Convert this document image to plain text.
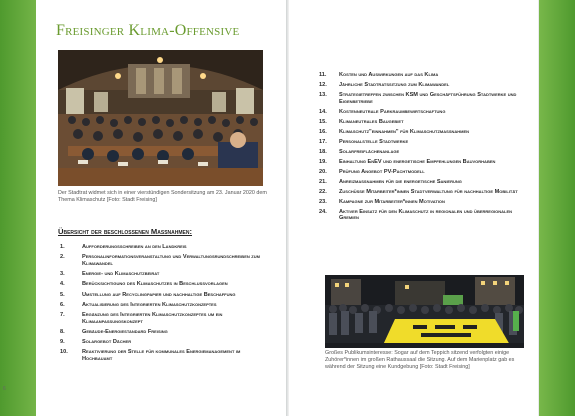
Freisinger Klima-Offensive
Der Stadtrat widmet sich in einer vierstündigen Sondersitzung am 23. Januar 2020 dem Thema Klimaschutz [Foto: Stadt Freising]
Übersicht der beschlossenen Maßnahmen:
1.	Aufforderungsschreiben an den Landkreis
2.	Personalinformationsveranstaltung und Verwaltungsrundschreiben zum Klimawandel
3.	Energie- und Klimaschutzbeirat
4.	Berücksichtigung des Klimaschutzes in Beschlussvorlagen
5.	Umstellung auf Recyclingpapier und nachhaltige Beschaffung
6.	Aktualisierung des Integrierten Klimaschutzkonzeptes
7.	Ergänzung des Integrierten Klimaschutzkonzeptes um ein Klimaanpassungskonzept
8.	Gebäude-Energiestandard Freising
9.	Solargebot Dächer
10.	Reaktivierung der Stelle für kommunales Energiemanagement im Hochbauamt
11. Kosten und Auswirkungen auf das Klima
12. Jährliche Stadtratssitzung zum Klimawandel
13. Strategietreffen zwischen KSM und Geschäftsführung Stadtwerke und Eigenbetriebe
14. Kostenneutrale Parkraumbewirtschaftung
15. Klimaneutrales Baugebiet
16. Klimaschutz"einnahmen" für Klimaschutzmaßnahmen
17. Personalstelle Stadtwerke
18. Solarfreiflächenanlage
19. Einhaltung EnEV und energetische Empfehlungen Bauvorhaben
20. Prüfung Angebot PV-Pachtmodell
21. Anreizmaßnahmen für die energetische Sanierung
22. Zuschüsse Mitarbeiter*innen Stadtverwaltung für nachhaltige Mobilität
23. Kampagne zur Mitarbeiter*innen Motivation
24. Aktiver Einsatz für den Klimaschutz in regionalen und überregionalen Gremien
Großes Publikumsinteresse: Sogar auf dem Teppich sitzend verfolgten einige Zuhörer*innen im großen Rathaussaal die Sitzung. Auf dem Marienplatz gab es während der Sitzung eine Kundgebung [Foto: Stadt Freising]
6
